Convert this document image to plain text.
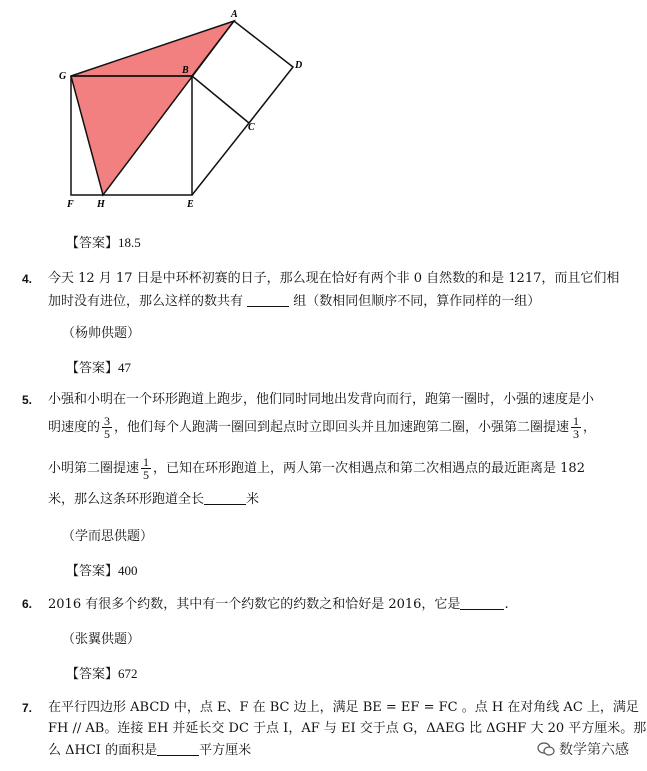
A
B
C
D
E
F
G
H
【答案】18.5
4. 今天 12 月 17 日是中环杯初赛的日子，那么现在恰好有两个非 0 自然数的和是 1217，而且它们相
加时没有进位，那么这样的数共有	组（数相同但顺序不同，算作同样的一组）
（杨帅供题）
【答案】47
5. 小强和小明在一个环形跑道上跑步，他们同时同地出发背向而行，跑第一圈时，小强的速度是小
明速度的 $\frac{3}{5}$ ，他们每个人跑满一圈回到起点时立即回头并且加速跑第二圈，小强第二圈提速 $\frac{1}{3}$ ，
小明第二圈提速 $\frac{1}{5}$ ，已知在环形跑道上，两人第一次相遇点和第二次相遇点的最近距离是 182
米，那么这条环形跑道全长	米
（学而思供题）
【答案】400
6. 2016 有很多个约数，其中有一个约数它的约数之和恰好是 2016，它是	.
（张翼供题）
【答案】672
7. 在平行四边形 ABCD 中，点 E、F 在 BC 边上，满足 BE = EF = FC 。点 H 在对角线 AC 上，满足
FH // AB。连接 EH 并延长交 DC 于点 I，AF 与 EI 交于点 G，ΔAEG 比 ΔGHF 大 20 平方厘米。那
么 ΔHCI 的面积是	平方厘米	数学第六感
